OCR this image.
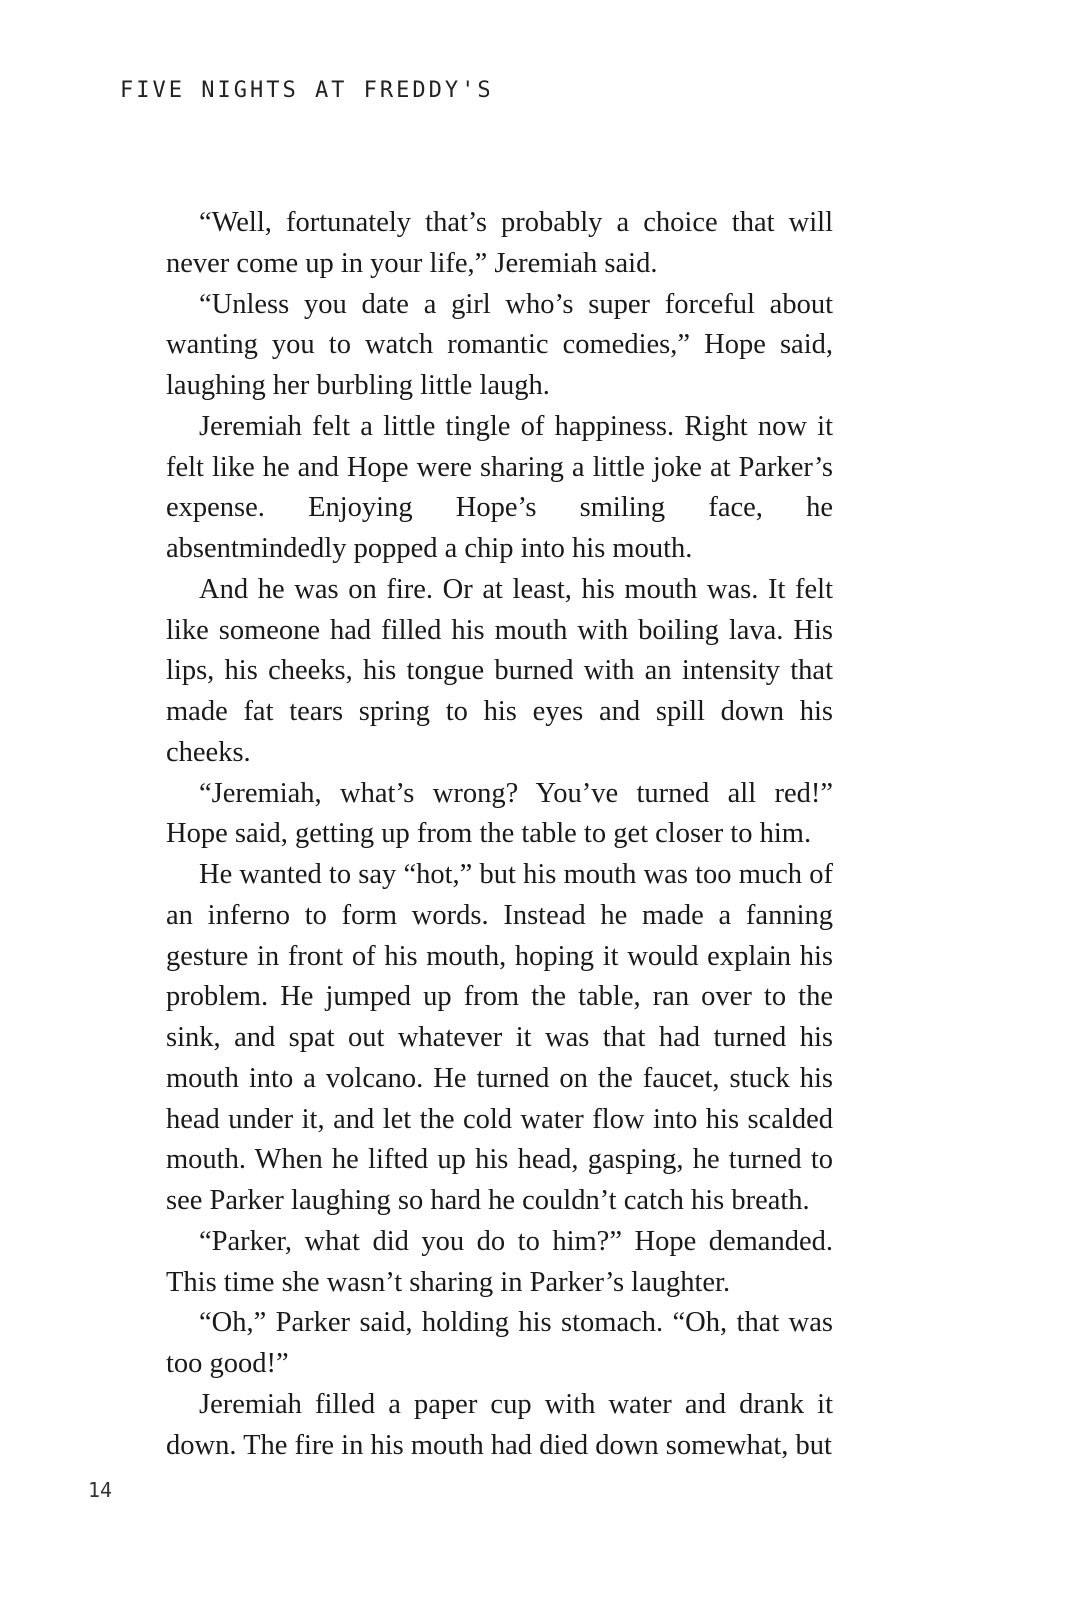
FIVE NIGHTS AT FREDDY'S

“Well, fortunately that’s probably a choice that will never come up in your life,” Jeremiah said.

“Unless you date a girl who’s super forceful about wanting you to watch romantic comedies,” Hope said, laughing her burbling little laugh.

Jeremiah felt a little tingle of happiness. Right now it felt like he and Hope were sharing a little joke at Parker’s expense. Enjoying Hope’s smiling face, he absentmindedly popped a chip into his mouth.

And he was on fire. Or at least, his mouth was. It felt like someone had filled his mouth with boiling lava. His lips, his cheeks, his tongue burned with an intensity that made fat tears spring to his eyes and spill down his cheeks.

“Jeremiah, what’s wrong? You’ve turned all red!” Hope said, getting up from the table to get closer to him.

He wanted to say “hot,” but his mouth was too much of an inferno to form words. Instead he made a fanning gesture in front of his mouth, hoping it would explain his problem. He jumped up from the table, ran over to the sink, and spat out whatever it was that had turned his mouth into a volcano. He turned on the faucet, stuck his head under it, and let the cold water flow into his scalded mouth. When he lifted up his head, gasping, he turned to see Parker laughing so hard he couldn’t catch his breath.

“Parker, what did you do to him?” Hope demanded. This time she wasn’t sharing in Parker’s laughter.

“Oh,” Parker said, holding his stomach. “Oh, that was too good!”

Jeremiah filled a paper cup with water and drank it down. The fire in his mouth had died down somewhat, but

14
